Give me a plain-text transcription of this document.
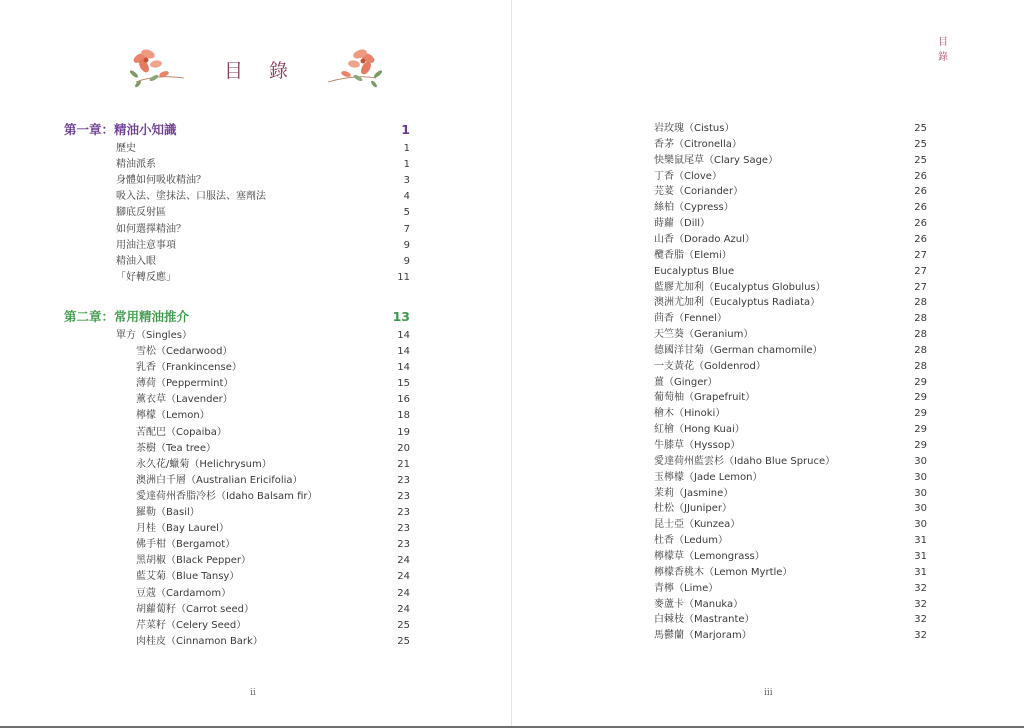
目 錄
第一章：精油小知識	1
歷史	1
精油派系	1
身體如何吸收精油？	3
吸入法、塗抹法、口服法、塞劑法	4
腳底反射區	5
如何選擇精油？	7
用油注意事項	9
精油入眼	9
「好轉反應」	11
第二章：常用精油推介	13
單方（Singles）	14
雪松（Cedarwood）	14
乳香（Frankincense）	14
薄荷（Peppermint）	15
薰衣草（Lavender）	16
檸檬（Lemon）	18
苦配巴（Copaiba）	19
茶樹（Tea tree）	20
永久花/蠟菊（Helichrysum）	21
澳洲白千層（Australian Ericifolia）	23
愛達荷州香脂冷杉（Idaho Balsam fir）	23
羅勒（Basil）	23
月桂（Bay Laurel）	23
佛手柑（Bergamot）	23
黑胡椒（Black Pepper）	24
藍艾菊（Blue Tansy）	24
豆蔻（Cardamom）	24
胡蘿蔔籽（Carrot seed）	24
芹菜籽（Celery Seed）	25
肉桂皮（Cinnamon Bark）	25
ii
目 錄
岩玫瑰（Cistus）	25
香茅（Citronella）	25
快樂鼠尾草（Clary Sage）	25
丁香（Clove）	26
芫荽（Coriander）	26
絲柏（Cypress）	26
蒔蘿（Dill）	26
山香（Dorado Azul）	26
欖香脂（Elemi）	27
Eucalyptus Blue	27
藍膠尤加利（Eucalyptus Globulus）	27
澳洲尤加利（Eucalyptus Radiata）	28
茴香（Fennel）	28
天竺葵（Geranium）	28
德國洋甘菊（German chamomile）	28
一支黃花（Goldenrod）	28
薑（Ginger）	29
葡萄柚（Grapefruit）	29
檜木（Hinoki）	29
紅檜（Hong Kuai）	29
牛膝草（Hyssop）	29
愛達荷州藍雲杉（Idaho Blue Spruce）	30
玉檸檬（Jade Lemon）	30
茉莉（Jasmine）	30
杜松（JJuniper）	30
昆士亞（Kunzea）	30
杜香（Ledum）	31
檸檬草（Lemongrass）	31
檸檬香桃木（Lemon Myrtle）	31
青檸（Lime）	32
麥蘆卡（Manuka）	32
白棘枝（Mastrante）	32
馬鬱蘭（Marjoram）	32
iii
